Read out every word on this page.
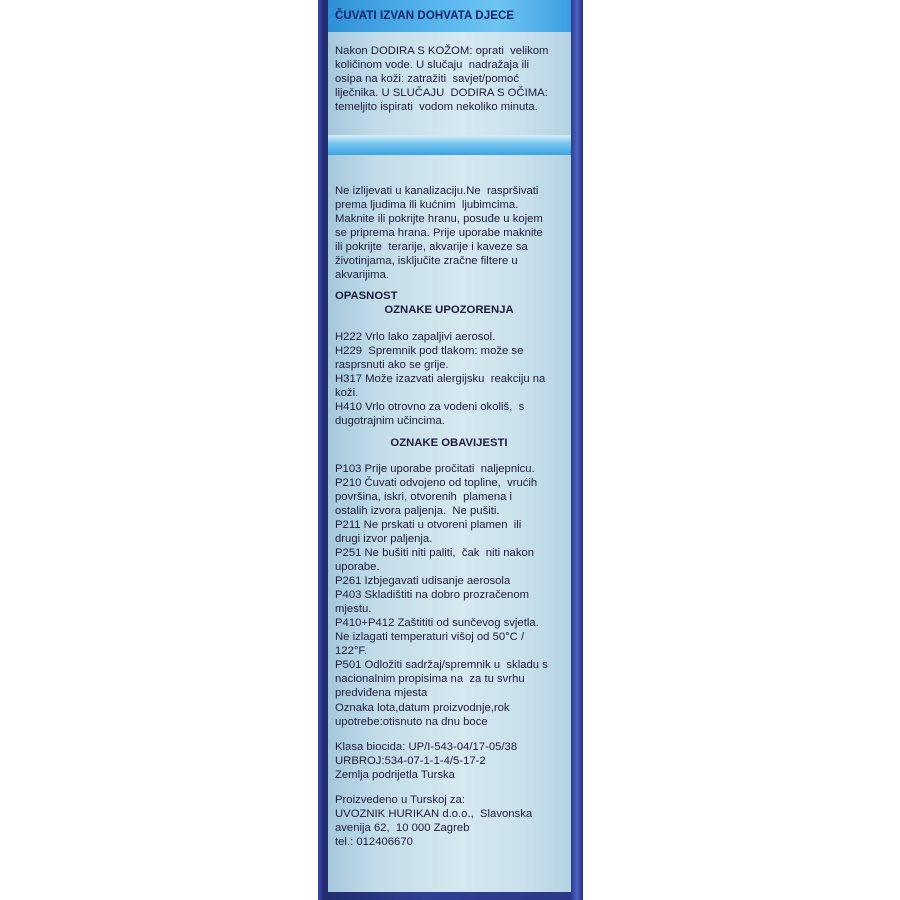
ČUVATI IZVAN DOHVATA DJECE
Nakon DODIRA S KOŽOM: oprati  velikom
količinom vode. U slučaju  nadražaja ili
osipa na koži: zatražiti  savjet/pomoć
liječnika. U SLUČAJU  DODIRA S OČIMA:
temeljito ispirati  vodom nekoliko minuta.
Ne izlijevati u kanalizaciju.Ne  raspršivati
prema ljudima ili kućnim  ljubimcima.
Maknite ili pokrijte hranu, posuđe u kojem
se priprema hrana. Prije uporabe maknite
ili pokrijte  terarije, akvarije i kaveze sa
životinjama, isključite zračne filtere u
akvarijima.
OPASNOST
OZNAKE UPOZORENJA
H222 Vrlo lako zapaljivi aerosol.
H229  Spremnik pod tlakom: može se
rasprsnuti ako se grije.
H317 Može izazvati alergijsku  reakciju na
koži.
H410 Vrlo otrovno za vodeni okoliš,  s
dugotrajnim učincima.
OZNAKE OBAVIJESTI
P103 Prije uporabe pročitati  naljepnicu.
P210 Čuvati odvojeno od topline,  vrućih
površina, iskri, otvorenih  plamena i
ostalih izvora paljenja.  Ne pušiti.
P211 Ne prskati u otvoreni plamen  ili
drugi izvor paljenja.
P251 Ne bušiti niti paliti,  čak  niti nakon
uporabe.
P261 Izbjegavati udisanje aerosola
P403 Skladištiti na dobro prozračenom
mjestu.
P410+P412 Zaštititi od sunčevog svjetla.
Ne izlagati temperaturi višoj od 50°C /
122°F.
P501 Odložiti sadržaj/spremnik u  skladu s
nacionalnim propisima na  za tu svrhu
predviđena mjesta
Oznaka lota,datum proizvodnje,rok
upotrebe:otisnuto na dnu boce
Klasa biocida: UP/I-543-04/17-05/38
URBROJ:534-07-1-1-4/5-17-2
Zemlja podrijetla Turska
Proizvedeno u Turskoj za:
UVOZNIK HURIKAN d.o.o.,  Slavonska
avenija 62,  10 000 Zagreb
tel.: 012406670
